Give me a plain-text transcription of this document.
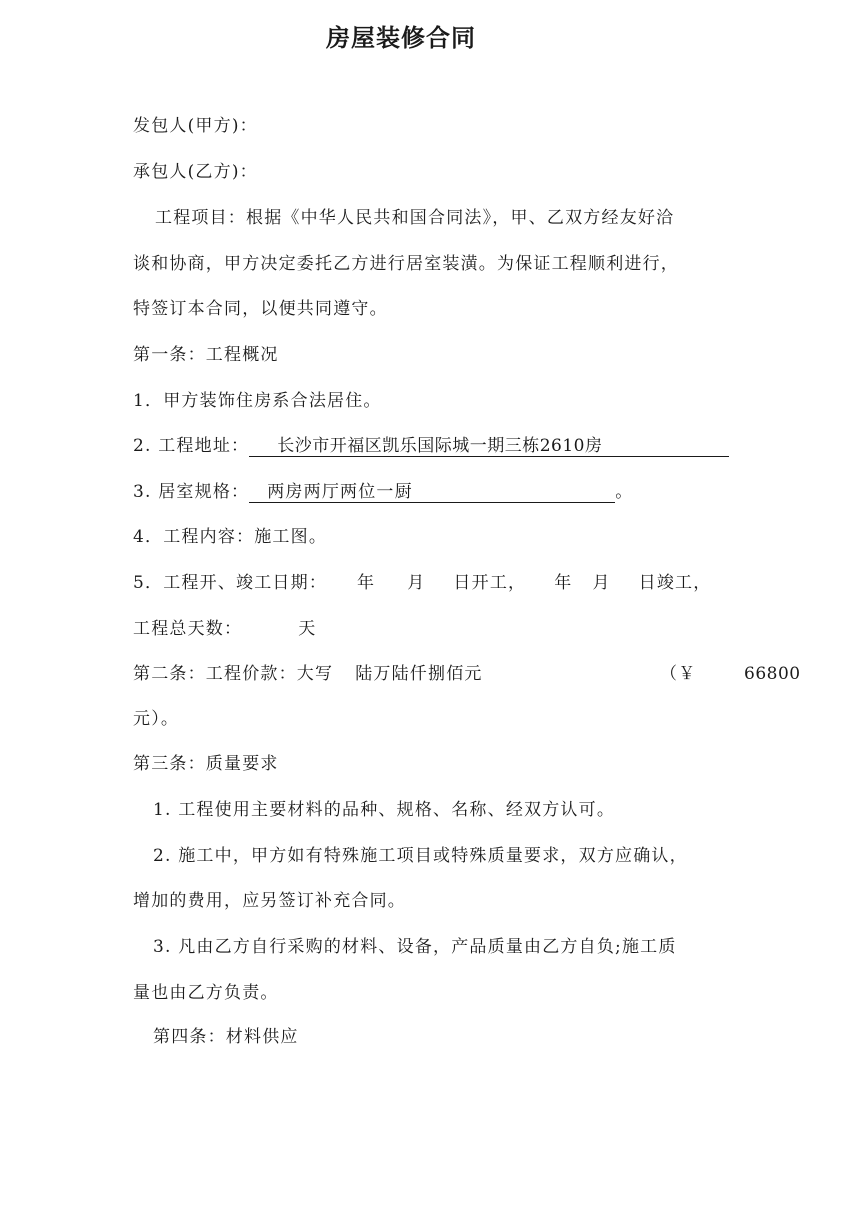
房屋装修合同
发包人(甲方)：
承包人(乙方)：
工程项目：根据《中华人民共和国合同法》，甲、乙双方经友好洽
谈和协商，甲方决定委托乙方进行居室装潢。为保证工程顺利进行，
特签订本合同，以便共同遵守。
第一条：工程概况
1．甲方装饰住房系合法居住。
2. 工程地址： 长沙市开福区凯乐国际城一期三栋2610房
3. 居室规格： 两房两厅两位一厨	。
4．工程内容：施工图。
5．工程开、竣工日期： 年 月 日开工， 年 月 日竣工，
工程总天数：	天
第二条：工程价款：大写 陆万陆仟捌佰元	（￥	66800
元）。
第三条：质量要求
1. 工程使用主要材料的品种、规格、名称、经双方认可。
2. 施工中，甲方如有特殊施工项目或特殊质量要求，双方应确认，
增加的费用，应另签订补充合同。
3. 凡由乙方自行采购的材料、设备，产品质量由乙方自负;施工质
量也由乙方负责。
第四条：材料供应
